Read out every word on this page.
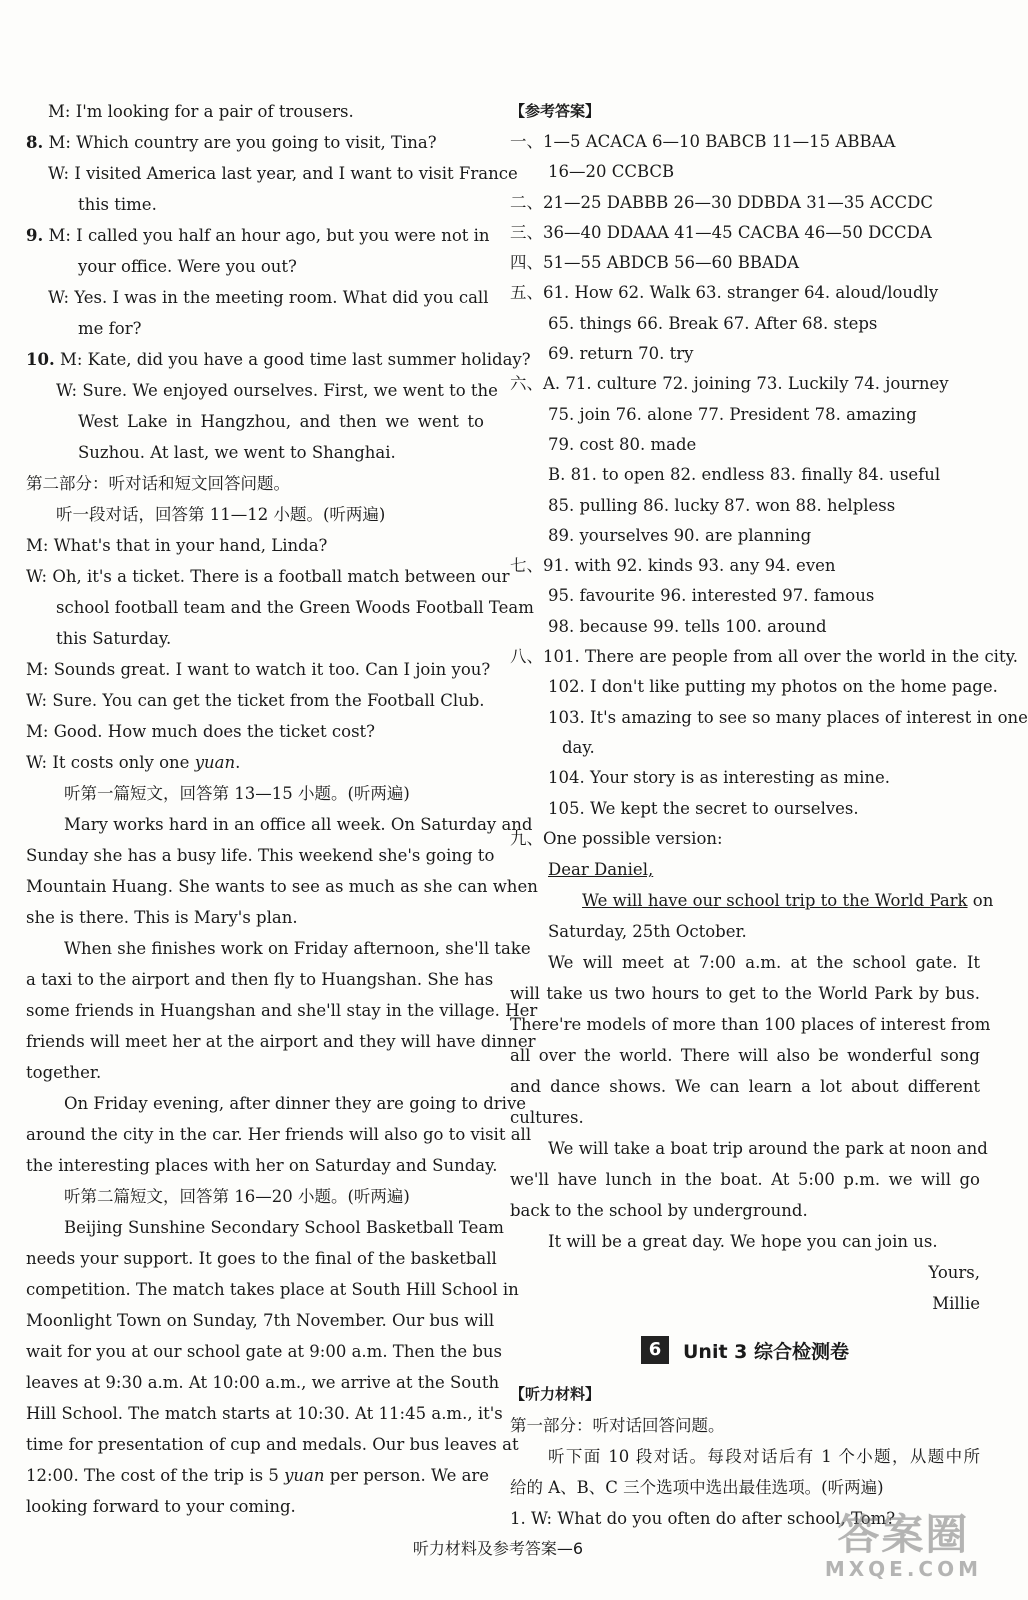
M: I'm looking for a pair of trousers.
8. M: Which country are you going to visit, Tina?
W: I visited America last year, and I want to visit France
this time.
9. M: I called you half an hour ago, but you were not in
your office. Were you out?
W: Yes. I was in the meeting room. What did you call
me for?
10. M: Kate, did you have a good time last summer holiday?
W: Sure. We enjoyed ourselves. First, we went to the
West Lake in Hangzhou, and then we went to
Suzhou. At last, we went to Shanghai.
第二部分：听对话和短文回答问题。
听一段对话，回答第 11—12 小题。(听两遍)
M: What's that in your hand, Linda?
W: Oh, it's a ticket. There is a football match between our
school football team and the Green Woods Football Team
this Saturday.
M: Sounds great. I want to watch it too. Can I join you?
W: Sure. You can get the ticket from the Football Club.
M: Good. How much does the ticket cost?
W: It costs only one yuan.
听第一篇短文，回答第 13—15 小题。(听两遍)
Mary works hard in an office all week. On Saturday and
Sunday she has a busy life. This weekend she's going to
Mountain Huang. She wants to see as much as she can when
she is there. This is Mary's plan.
When she finishes work on Friday afternoon, she'll take
a taxi to the airport and then fly to Huangshan. She has
some friends in Huangshan and she'll stay in the village. Her
friends will meet her at the airport and they will have dinner
together.
On Friday evening, after dinner they are going to drive
around the city in the car. Her friends will also go to visit all
the interesting places with her on Saturday and Sunday.
听第二篇短文，回答第 16—20 小题。(听两遍)
Beijing Sunshine Secondary School Basketball Team
needs your support. It goes to the final of the basketball
competition. The match takes place at South Hill School in
Moonlight Town on Sunday, 7th November. Our bus will
wait for you at our school gate at 9:00 a.m. Then the bus
leaves at 9:30 a.m. At 10:00 a.m., we arrive at the South
Hill School. The match starts at 10:30. At 11:45 a.m., it's
time for presentation of cup and medals. Our bus leaves at
12:00. The cost of the trip is 5 yuan per person. We are
looking forward to your coming.
【参考答案】
一、1—5 ACACA 6—10 BABCB 11—15 ABBAA
16—20 CCBCB
二、21—25 DABBB 26—30 DDBDA 31—35 ACCDC
三、36—40 DDAAA 41—45 CACBA 46—50 DCCDA
四、51—55 ABDCB 56—60 BBADA
五、61. How 62. Walk 63. stranger 64. aloud/loudly
65. things 66. Break 67. After 68. steps
69. return 70. try
六、A. 71. culture 72. joining 73. Luckily 74. journey
75. join 76. alone 77. President 78. amazing
79. cost 80. made
B. 81. to open 82. endless 83. finally 84. useful
85. pulling 86. lucky 87. won 88. helpless
89. yourselves 90. are planning
七、91. with 92. kinds 93. any 94. even
95. favourite 96. interested 97. famous
98. because 99. tells 100. around
八、101. There are people from all over the world in the city.
102. I don't like putting my photos on the home page.
103. It's amazing to see so many places of interest in one
day.
104. Your story is as interesting as mine.
105. We kept the secret to ourselves.
九、One possible version:
Dear Daniel,
We will have our school trip to the World Park on
Saturday, 25th October.
We will meet at 7:00 a.m. at the school gate. It
will take us two hours to get to the World Park by bus.
There're models of more than 100 places of interest from
all over the world. There will also be wonderful song
and dance shows. We can learn a lot about different
cultures.
We will take a boat trip around the park at noon and
we'll have lunch in the boat. At 5:00 p.m. we will go
back to the school by underground.
It will be a great day. We hope you can join us.
Yours,
Millie
6	Unit 3 综合检测卷
【听力材料】
第一部分：听对话回答问题。
听下面 10 段对话。每段对话后有 1 个小题，从题中所
给的 A、B、C 三个选项中选出最佳选项。(听两遍)
1. W: What do you often do after school, Tom?
听力材料及参考答案—6	答案圈
MXQE.COM
